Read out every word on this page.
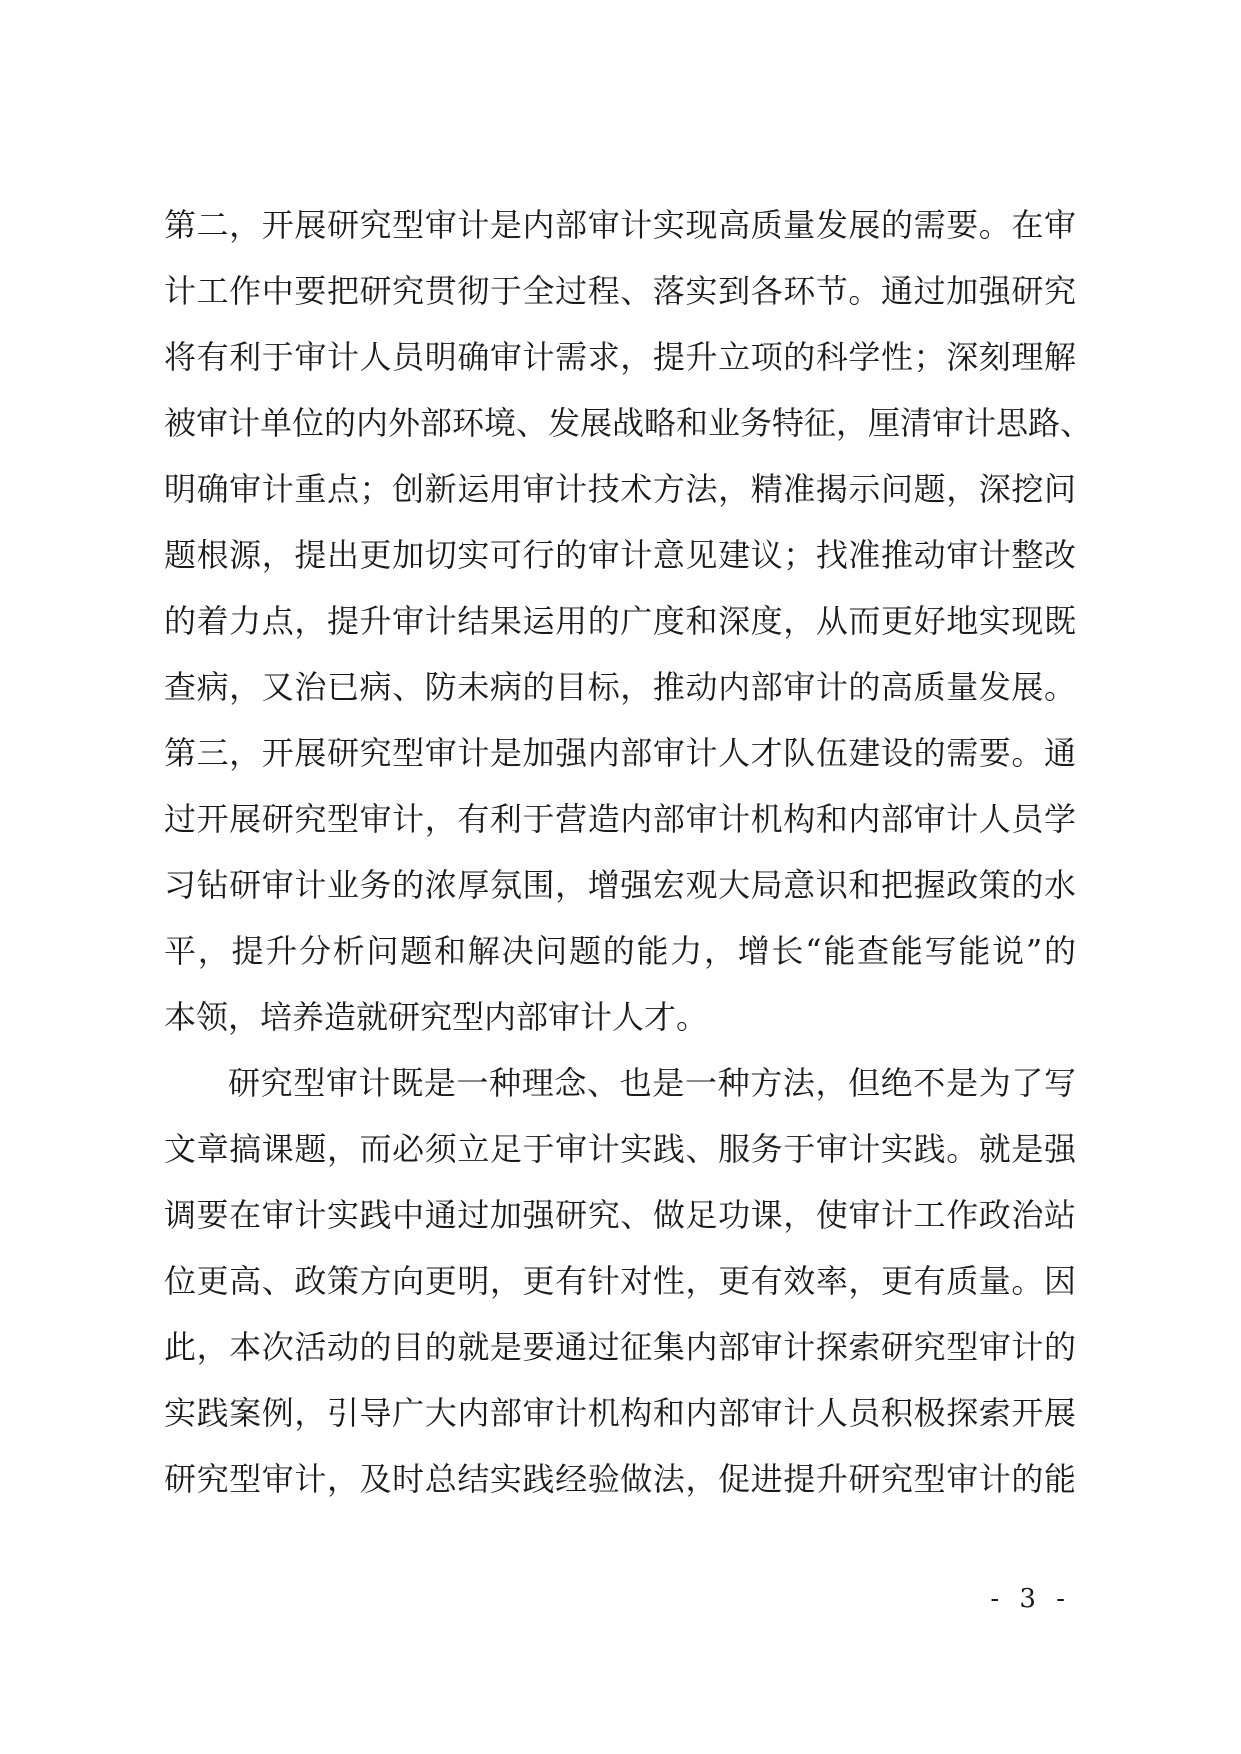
第二，开展研究型审计是内部审计实现高质量发展的需要。在审
计工作中要把研究贯彻于全过程、落实到各环节。通过加强研究
将有利于审计人员明确审计需求，提升立项的科学性；深刻理解
被审计单位的内外部环境、发展战略和业务特征，厘清审计思路、
明确审计重点；创新运用审计技术方法，精准揭示问题，深挖问
题根源，提出更加切实可行的审计意见建议；找准推动审计整改
的着力点，提升审计结果运用的广度和深度，从而更好地实现既
查病，又治已病、防未病的目标，推动内部审计的高质量发展。
第三，开展研究型审计是加强内部审计人才队伍建设的需要。通
过开展研究型审计，有利于营造内部审计机构和内部审计人员学
习钻研审计业务的浓厚氛围，增强宏观大局意识和把握政策的水
平，提升分析问题和解决问题的能力，增长“能查能写能说”的
本领，培养造就研究型内部审计人才。
研究型审计既是一种理念、也是一种方法，但绝不是为了写
文章搞课题，而必须立足于审计实践、服务于审计实践。就是强
调要在审计实践中通过加强研究、做足功课，使审计工作政治站
位更高、政策方向更明，更有针对性，更有效率，更有质量。因
此，本次活动的目的就是要通过征集内部审计探索研究型审计的
实践案例，引导广大内部审计机构和内部审计人员积极探索开展
研究型审计，及时总结实践经验做法，促进提升研究型审计的能
- 3 -
